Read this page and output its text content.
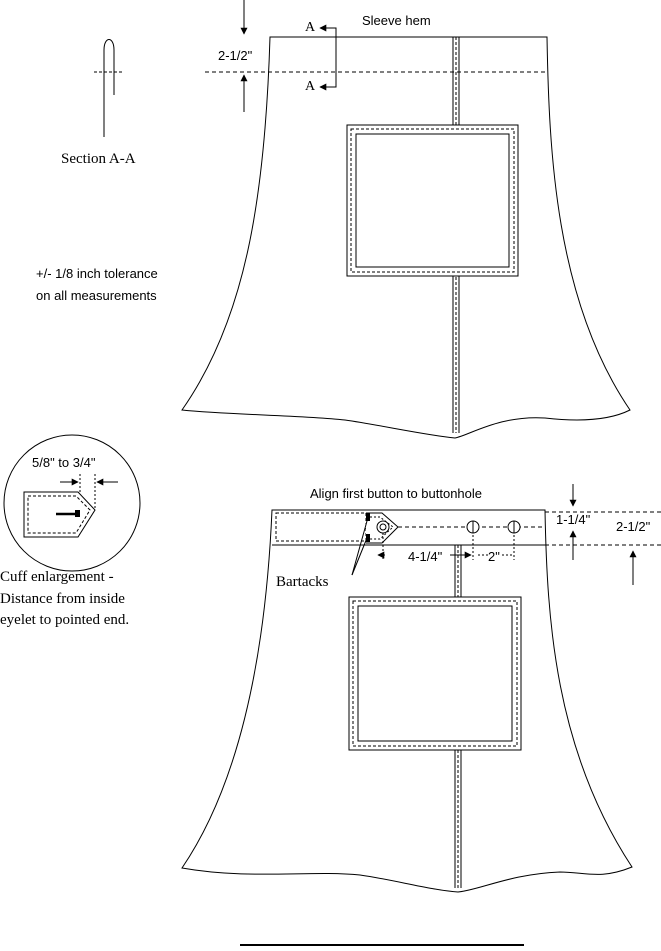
Sleeve hem
A
A
2-1/2"
Section A-A
+/- 1/8 inch tolerance
on all measurements
5/8" to 3/4"
Cuff enlargement -
Distance from inside
eyelet to pointed end.
Align first button to buttonhole
1-1/4" 2-1/2"
4-1/4"	2"
Bartacks
